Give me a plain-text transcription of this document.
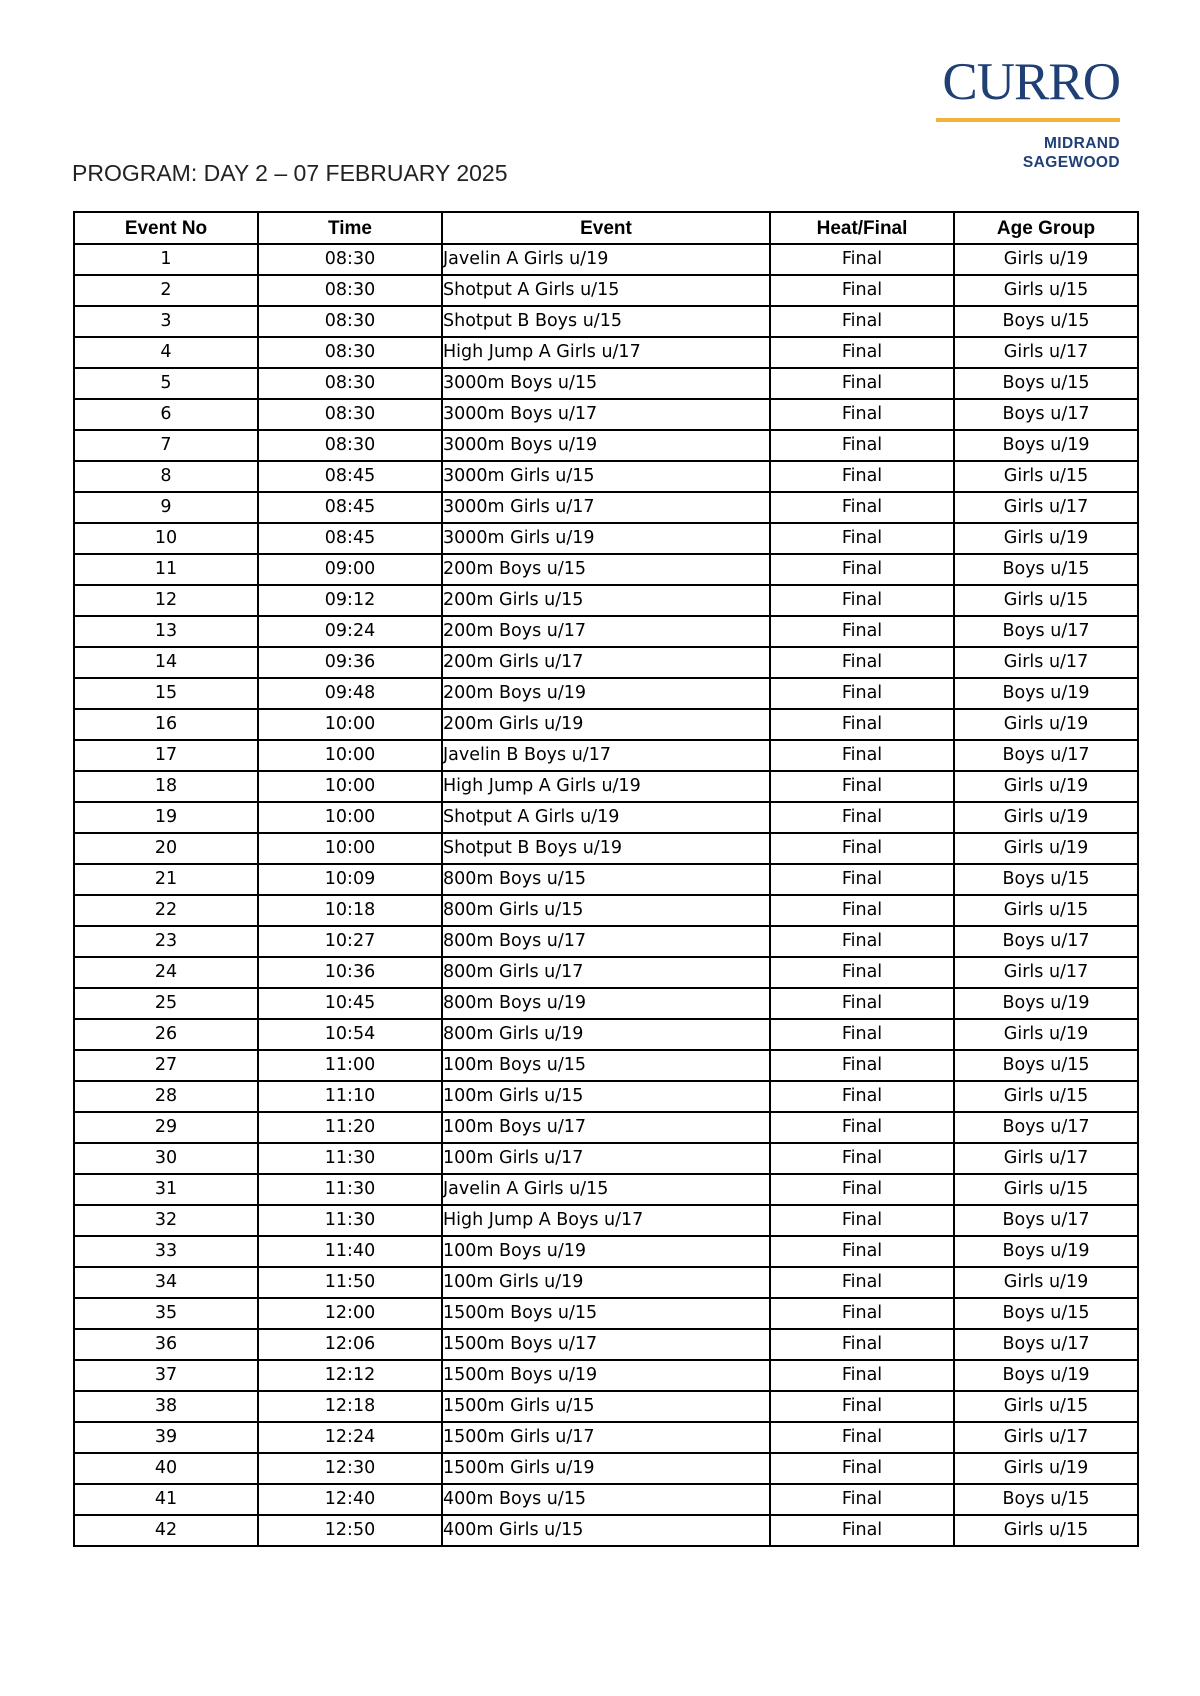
CURRO
MIDRAND
SAGEWOOD
PROGRAM: DAY 2 – 07 FEBRUARY 2025
Event No	Time	Event	Heat/Final	Age Group
1	08:30	Javelin A Girls u/19	Final	Girls u/19
2	08:30	Shotput A Girls u/15	Final	Girls u/15
3	08:30	Shotput B Boys u/15	Final	Boys u/15
4	08:30	High Jump A Girls u/17	Final	Girls u/17
5	08:30	3000m Boys u/15	Final	Boys u/15
6	08:30	3000m Boys u/17	Final	Boys u/17
7	08:30	3000m Boys u/19	Final	Boys u/19
8	08:45	3000m Girls u/15	Final	Girls u/15
9	08:45	3000m Girls u/17	Final	Girls u/17
10	08:45	3000m Girls u/19	Final	Girls u/19
11	09:00	200m Boys u/15	Final	Boys u/15
12	09:12	200m Girls u/15	Final	Girls u/15
13	09:24	200m Boys u/17	Final	Boys u/17
14	09:36	200m Girls u/17	Final	Girls u/17
15	09:48	200m Boys u/19	Final	Boys u/19
16	10:00	200m Girls u/19	Final	Girls u/19
17	10:00	Javelin B Boys u/17	Final	Boys u/17
18	10:00	High Jump A Girls u/19	Final	Girls u/19
19	10:00	Shotput A Girls u/19	Final	Girls u/19
20	10:00	Shotput B Boys u/19	Final	Girls u/19
21	10:09	800m Boys u/15	Final	Boys u/15
22	10:18	800m Girls u/15	Final	Girls u/15
23	10:27	800m Boys u/17	Final	Boys u/17
24	10:36	800m Girls u/17	Final	Girls u/17
25	10:45	800m Boys u/19	Final	Boys u/19
26	10:54	800m Girls u/19	Final	Girls u/19
27	11:00	100m Boys u/15	Final	Boys u/15
28	11:10	100m Girls u/15	Final	Girls u/15
29	11:20	100m Boys u/17	Final	Boys u/17
30	11:30	100m Girls u/17	Final	Girls u/17
31	11:30	Javelin A Girls u/15	Final	Girls u/15
32	11:30	High Jump A Boys u/17	Final	Boys u/17
33	11:40	100m Boys u/19	Final	Boys u/19
34	11:50	100m Girls u/19	Final	Girls u/19
35	12:00	1500m Boys u/15	Final	Boys u/15
36	12:06	1500m Boys u/17	Final	Boys u/17
37	12:12	1500m Boys u/19	Final	Boys u/19
38	12:18	1500m Girls u/15	Final	Girls u/15
39	12:24	1500m Girls u/17	Final	Girls u/17
40	12:30	1500m Girls u/19	Final	Girls u/19
41	12:40	400m Boys u/15	Final	Boys u/15
42	12:50	400m Girls u/15	Final	Girls u/15
